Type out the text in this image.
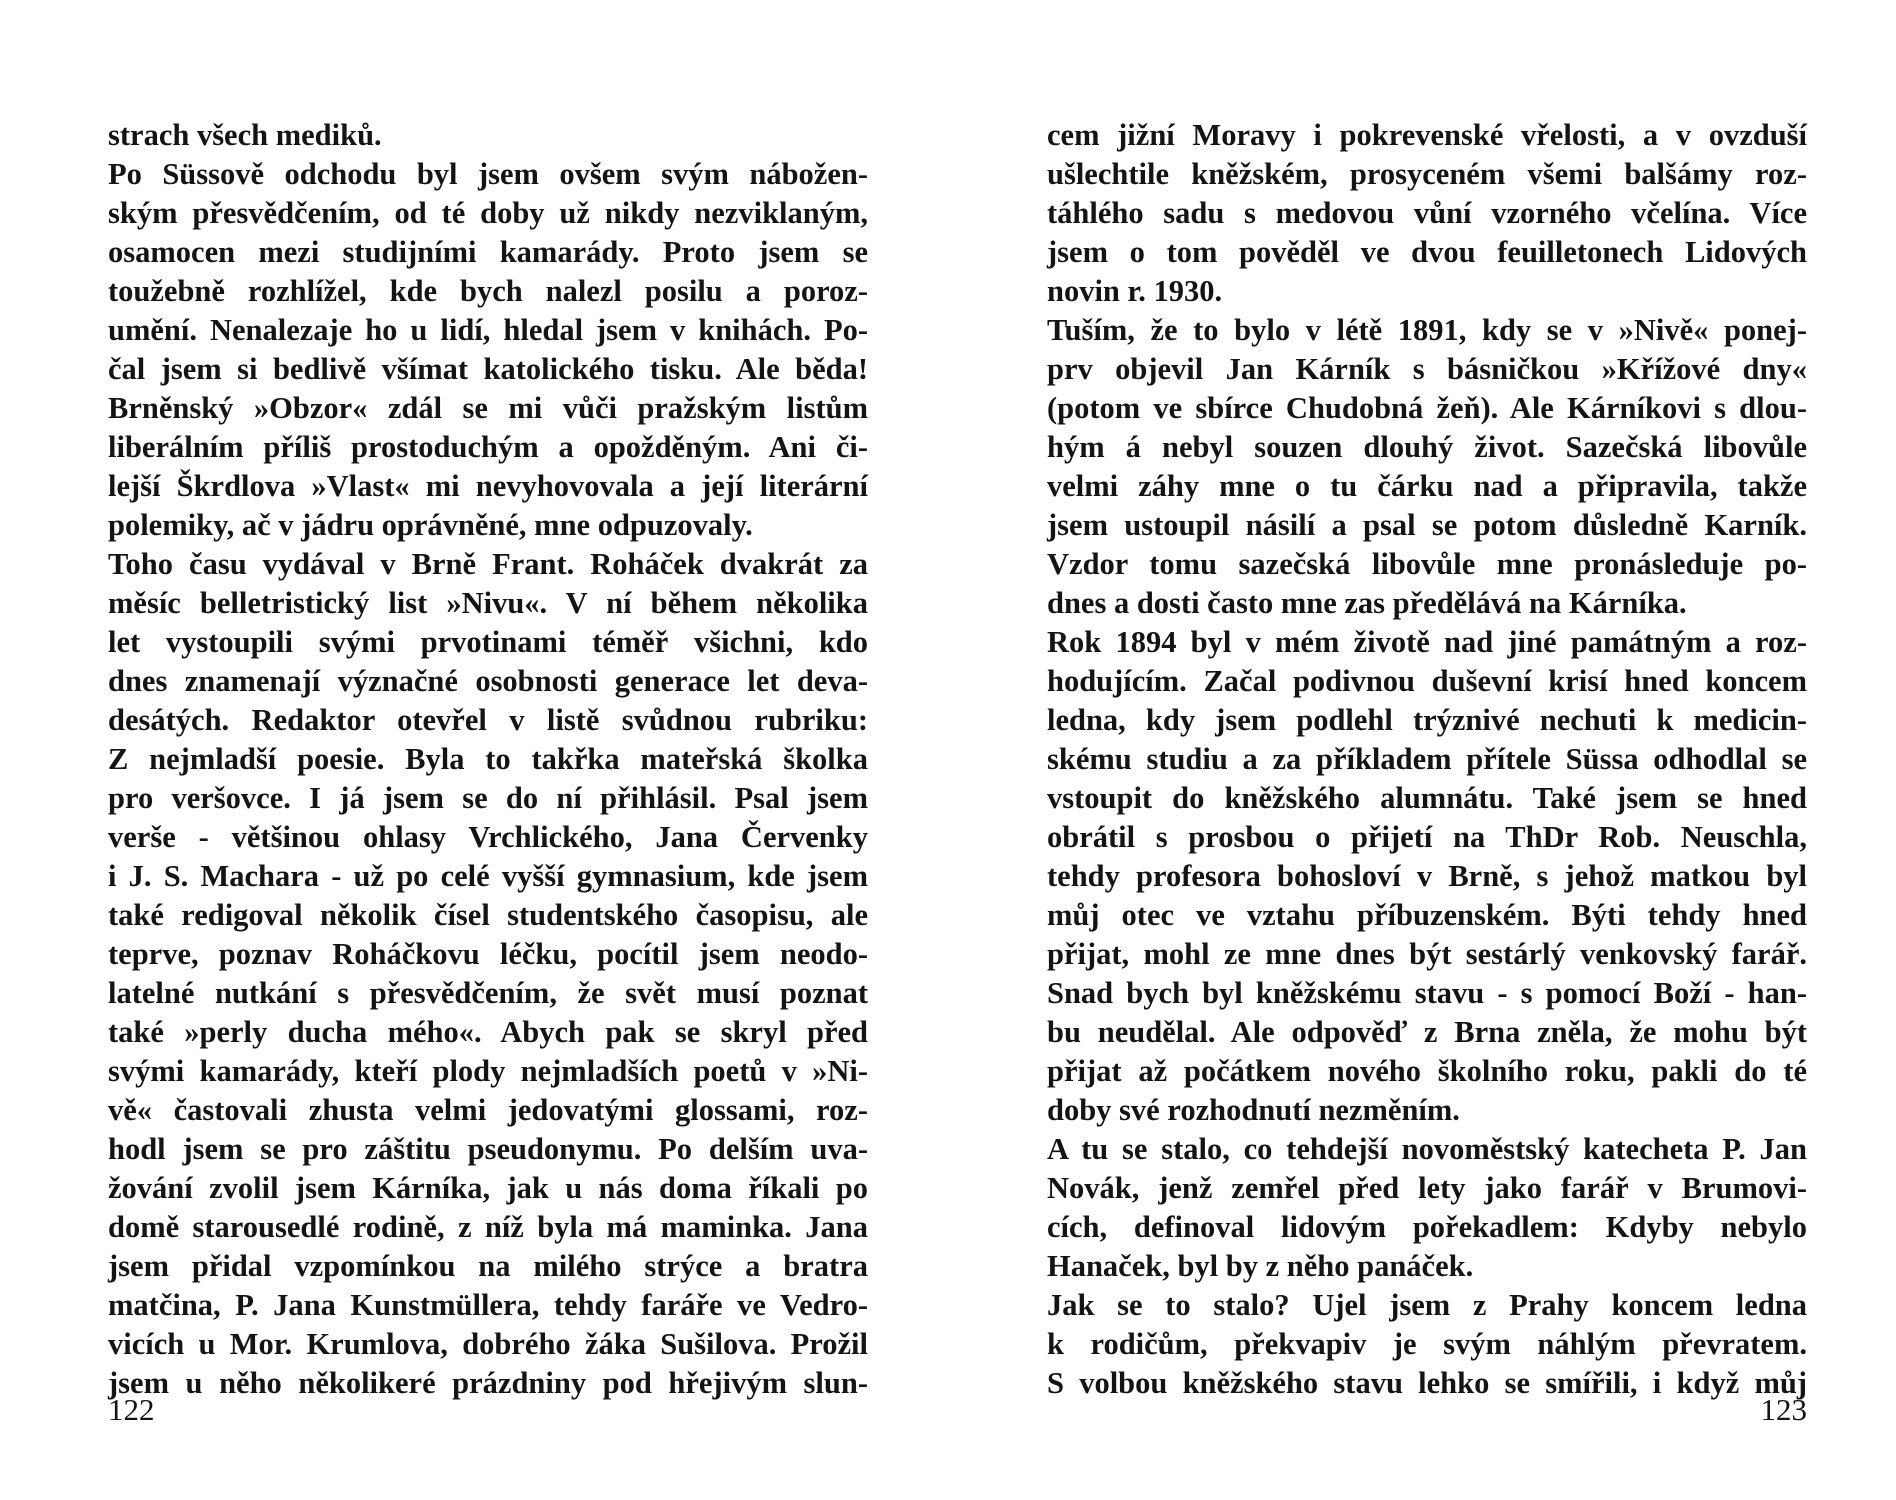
strach všech mediků.
Po Süssově odchodu byl jsem ovšem svým nábožen-
ským přesvědčením, od té doby už nikdy nezviklaným,
osamocen mezi studijními kamarády. Proto jsem se
toužebně rozhlížel, kde bych nalezl posilu a poroz-
umění. Nenalezaje ho u lidí, hledal jsem v knihách. Po-
čal jsem si bedlivě všímat katolického tisku. Ale běda!
Brněnský »Obzor« zdál se mi vůči pražským listům
liberálním příliš prostoduchým a opožděným. Ani či-
lejší Škrdlova »Vlast« mi nevyhovovala a její literární
polemiky, ač v jádru oprávněné, mne odpuzovaly.
Toho času vydával v Brně Frant. Roháček dvakrát za
měsíc belletristický list »Nivu«. V ní během několika
let vystoupili svými prvotinami téměř všichni, kdo
dnes znamenají význačné osobnosti generace let deva-
desátých. Redaktor otevřel v listě svůdnou rubriku:
Z nejmladší poesie. Byla to takřka mateřská školka
pro veršovce. I já jsem se do ní přihlásil. Psal jsem
verše - většinou ohlasy Vrchlického, Jana Červenky
i J. S. Machara - už po celé vyšší gymnasium, kde jsem
také redigoval několik čísel studentského časopisu, ale
teprve, poznav Roháčkovu léčku, pocítil jsem neodo-
latelné nutkání s přesvědčením, že svět musí poznat
také »perly ducha mého«. Abych pak se skryl před
svými kamarády, kteří plody nejmladších poetů v »Ni-
vě« častovali zhusta velmi jedovatými glossami, roz-
hodl jsem se pro záštitu pseudonymu. Po delším uva-
žování zvolil jsem Kárníka, jak u nás doma říkali po
domě starousedlé rodině, z níž byla má maminka. Jana
jsem přidal vzpomínkou na milého strýce a bratra
matčina, P. Jana Kunstmüllera, tehdy faráře ve Vedro-
vicích u Mor. Krumlova, dobrého žáka Sušilova. Prožil
jsem u něho několikeré prázdniny pod hřejivým slun-
122
cem jižní Moravy i pokrevenské vřelosti, a v ovzduší
ušlechtile kněžském, prosyceném všemi balšámy roz-
táhlého sadu s medovou vůní vzorného včelína. Více
jsem o tom pověděl ve dvou feuilletonech Lidových
novin r. 1930.
Tuším, že to bylo v létě 1891, kdy se v »Nivě« ponej-
prv objevil Jan Kárník s básničkou »Křížové dny«
(potom ve sbírce Chudobná žeň). Ale Kárníkovi s dlou-
hým á nebyl souzen dlouhý život. Sazečská libovůle
velmi záhy mne o tu čárku nad a připravila, takže
jsem ustoupil násilí a psal se potom důsledně Karník.
Vzdor tomu sazečská libovůle mne pronásleduje po-
dnes a dosti často mne zas předělává na Kárníka.
Rok 1894 byl v mém životě nad jiné památným a roz-
hodujícím. Začal podivnou duševní krisí hned koncem
ledna, kdy jsem podlehl trýznivé nechuti k medicin-
skému studiu a za příkladem přítele Süssa odhodlal se
vstoupit do kněžského alumnátu. Také jsem se hned
obrátil s prosbou o přijetí na ThDr Rob. Neuschla,
tehdy profesora bohosloví v Brně, s jehož matkou byl
můj otec ve vztahu příbuzenském. Býti tehdy hned
přijat, mohl ze mne dnes být sestárlý venkovský farář.
Snad bych byl kněžskému stavu - s pomocí Boží - han-
bu neudělal. Ale odpověď z Brna zněla, že mohu být
přijat až počátkem nového školního roku, pakli do té
doby své rozhodnutí nezměním.
A tu se stalo, co tehdejší novoměstský katecheta P. Jan
Novák, jenž zemřel před lety jako farář v Brumovi-
cích, definoval lidovým pořekadlem: Kdyby nebylo
Hanaček, byl by z něho panáček.
Jak se to stalo? Ujel jsem z Prahy koncem ledna
k rodičům, překvapiv je svým náhlým převratem.
S volbou kněžského stavu lehko se smířili, i když můj
123
